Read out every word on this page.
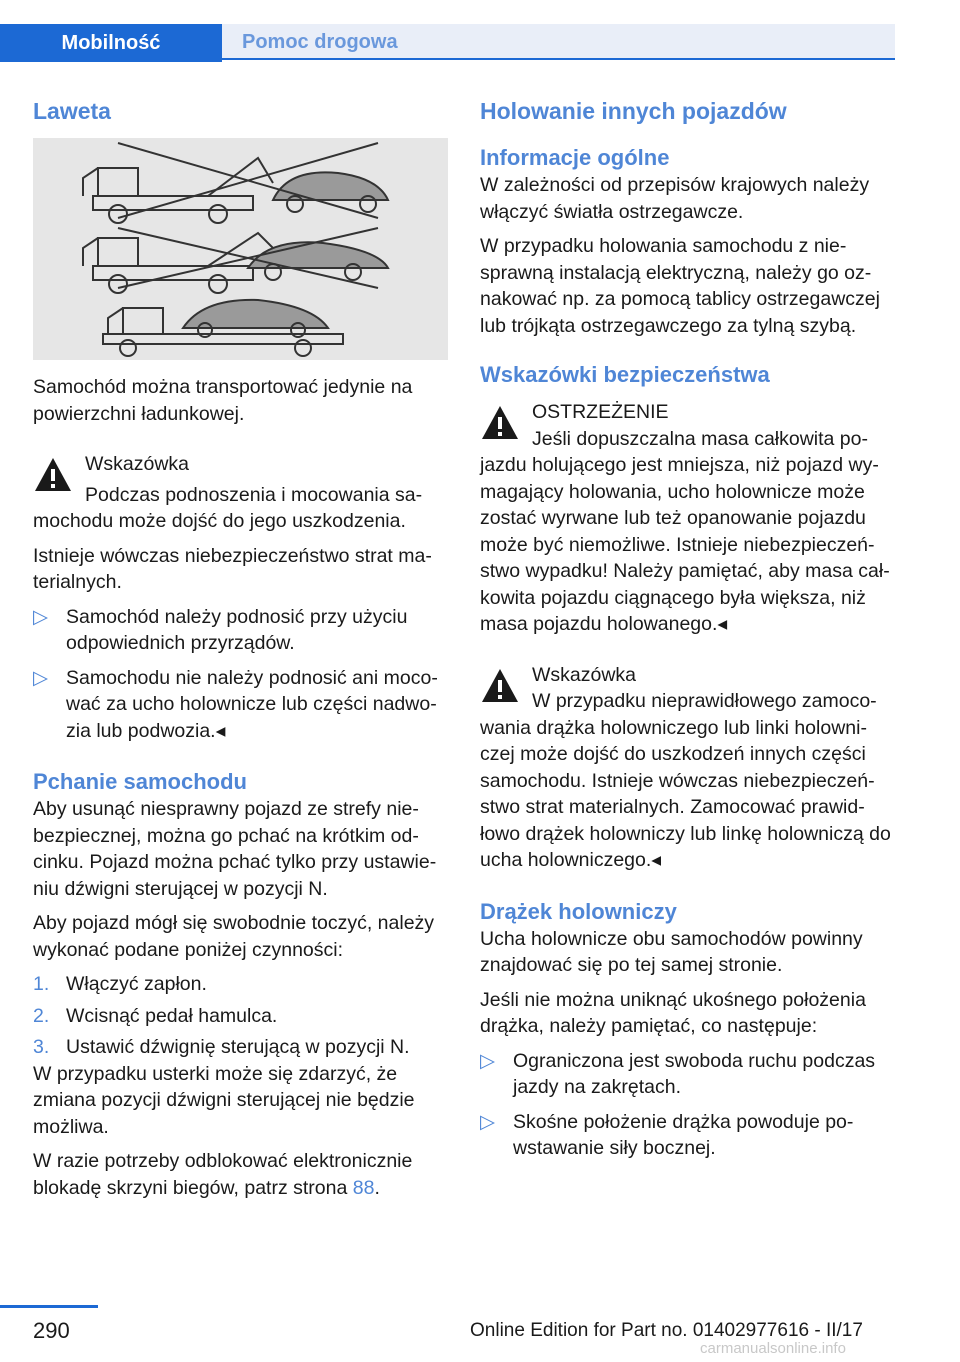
Mobilność	Pomoc drogowa
Laweta

Samochód można transportować jedynie na powierzchni ładunkowej.

Wskazówka

Podczas podnoszenia i mocowania samochodu może dojść do jego uszkodzenia.

Istnieje wówczas niebezpieczeństwo strat materialnych.

▷ Samochód należy podnosić przy użyciu odpowiednich przyrządów.
▷ Samochodu nie należy podnosić ani mocować za ucho holownicze lub części nadwozia lub podwozia.◂
Pchanie samochodu

Aby usunąć niesprawny pojazd ze strefy niebezpiecznej, można go pchać na krótkim odcinku. Pojazd można pchać tylko przy ustawieniu dźwigni sterującej w pozycji N.

Aby pojazd mógł się swobodnie toczyć, należy wykonać podane poniżej czynności:

1. Włączyć zapłon.
2. Wcisnąć pedał hamulca.
3. Ustawić dźwignię sterującą w pozycji N.

W przypadku usterki może się zdarzyć, że zmiana pozycji dźwigni sterującej nie będzie możliwa.

W razie potrzeby odblokować elektronicznie blokadę skrzyni biegów, patrz strona 88.

Holowanie innych pojazdów
Informacje ogólne

W zależności od przepisów krajowych należy włączyć światła ostrzegawcze.

W przypadku holowania samochodu z niesprawną instalacją elektryczną, należy go oznakować np. za pomocą tablicy ostrzegawczej lub trójkąta ostrzegawczego za tylną szybą.

Wskazówki bezpieczeństwa

OSTRZEŻENIE

Jeśli dopuszczalna masa całkowita pojazdu holującego jest mniejsza, niż pojazd wymagający holowania, ucho holownicze może zostać wyrwane lub też opanowanie pojazdu może być niemożliwe. Istnieje niebezpieczeństwo wypadku! Należy pamiętać, aby masa całkowita pojazdu ciągnącego była większa, niż masa pojazdu holowanego.◂

Wskazówka

W przypadku nieprawidłowego zamocowania drążka holowniczego lub linki holowniczej może dojść do uszkodzeń innych części samochodu. Istnieje wówczas niebezpieczeństwo strat materialnych. Zamocować prawidłowo drążek holowniczy lub linkę holowniczą do ucha holowniczego.◂

Drążek holowniczy

Ucha holownicze obu samochodów powinny znajdować się po tej samej stronie.

Jeśli nie można uniknąć ukośnego położenia drążka, należy pamiętać, co następuje:

▷ Ograniczona jest swoboda ruchu podczas jazdy na zakrętach.
▷ Skośne położenie drążka powoduje powstawanie siły bocznej.
290	Online Edition for Part no. 01402977616 - II/17
carmanualsonline.info
